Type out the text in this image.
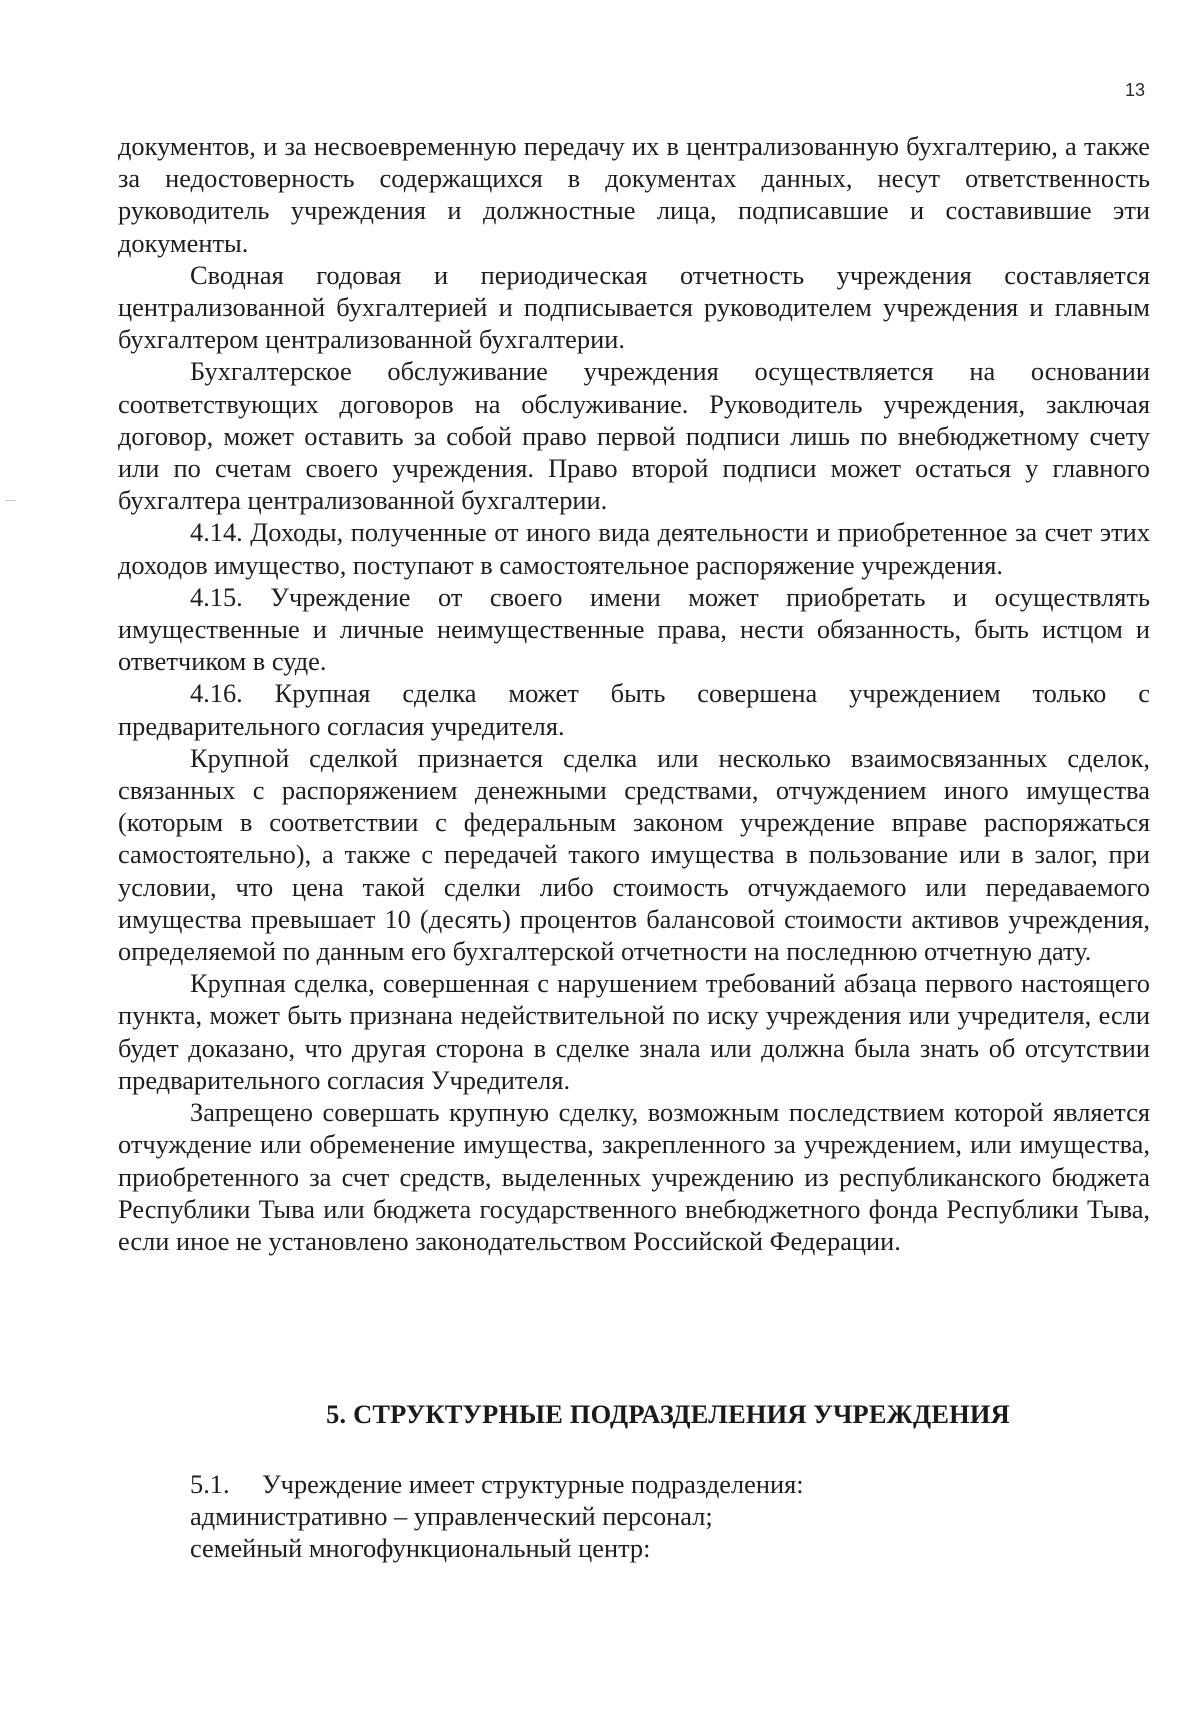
13

документов, и за несвоевременную передачу их в централизованную бухгалтерию, а также за недостоверность содержащихся в документах данных, несут ответственность руководитель учреждения и должностные лица, подписавшие и составившие эти документы.

Сводная годовая и периодическая отчетность учреждения составляется централизованной бухгалтерией и подписывается руководителем учреждения и главным бухгалтером централизованной бухгалтерии.

Бухгалтерское обслуживание учреждения осуществляется на основании соответствующих договоров на обслуживание. Руководитель учреждения, заключая договор, может оставить за собой право первой подписи лишь по внебюджетному счету или по счетам своего учреждения. Право второй подписи может остаться у главного бухгалтера централизованной бухгалтерии.

4.14. Доходы, полученные от иного вида деятельности и приобретенное за счет этих доходов имущество, поступают в самостоятельное распоряжение учреждения.

4.15. Учреждение от своего имени может приобретать и осуществлять имущественные и личные неимущественные права, нести обязанность, быть истцом и ответчиком в суде.

4.16. Крупная сделка может быть совершена учреждением только с предварительного согласия учредителя.

Крупной сделкой признается сделка или несколько взаимосвязанных сделок, связанных с распоряжением денежными средствами, отчуждением иного имущества (которым в соответствии с федеральным законом учреждение вправе распоряжаться самостоятельно), а также с передачей такого имущества в пользование или в залог, при условии, что цена такой сделки либо стоимость отчуждаемого или передаваемого имущества превышает 10 (десять) процентов балансовой стоимости активов учреждения, определяемой по данным его бухгалтерской отчетности на последнюю отчетную дату.

Крупная сделка, совершенная с нарушением требований абзаца первого настоящего пункта, может быть признана недействительной по иску учреждения или учредителя, если будет доказано, что другая сторона в сделке знала или должна была знать об отсутствии предварительного согласия Учредителя.

Запрещено совершать крупную сделку, возможным последствием которой является отчуждение или обременение имущества, закрепленного за учреждением, или имущества, приобретенного за счет средств, выделенных учреждению из республиканского бюджета Республики Тыва или бюджета государственного внебюджетного фонда Республики Тыва, если иное не установлено законодательством Российской Федерации.

5. СТРУКТУРНЫЕ ПОДРАЗДЕЛЕНИЯ УЧРЕЖДЕНИЯ
5.1. Учреждение имеет структурные подразделения:
административно – управленческий персонал;
семейный многофункциональный центр:
